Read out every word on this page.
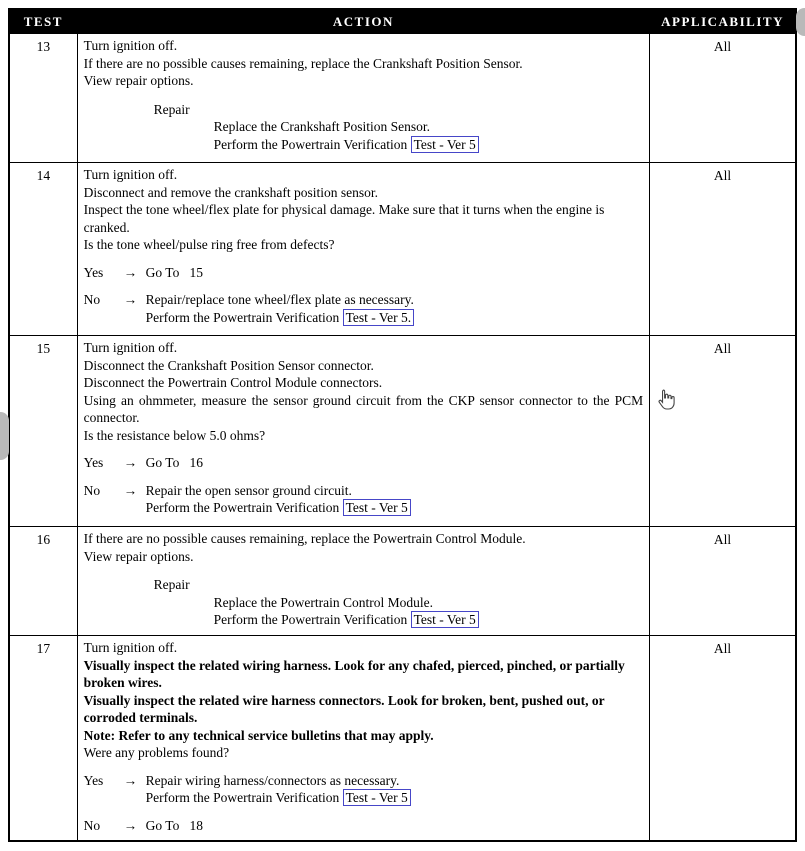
TEST	ACTION	APPLICABILITY
13	Turn ignition off.
If there are no possible causes remaining, replace the Crankshaft Position Sensor.
View repair options.
Repair
Replace the Crankshaft Position Sensor.
Perform the Powertrain Verification Test - Ver 5
	All
14	Turn ignition off.
Disconnect and remove the crankshaft position sensor.
Inspect the tone wheel/flex plate for physical damage. Make sure that it turns when the engine is cranked.
Is the tone wheel/pulse ring free from defects?
Yes	→ Go To   15
No	→ Repair/replace tone wheel/flex plate as necessary.
Perform the Powertrain Verification Test - Ver 5.
	All
15	Turn ignition off.
Disconnect the Crankshaft Position Sensor connector.
Disconnect the Powertrain Control Module connectors.
Using an ohmmeter, measure the sensor ground circuit from the CKP sensor connector to the PCM connector.
Is the resistance below 5.0 ohms?
Yes	→ Go To   16
No	→ Repair the open sensor ground circuit.
Perform the Powertrain Verification Test - Ver 5
	All
16	If there are no possible causes remaining, replace the Powertrain Control Module.
View repair options.
Repair
Replace the Powertrain Control Module.
Perform the Powertrain Verification Test - Ver 5	All
17	Turn ignition off.
Visually inspect the related wiring harness. Look for any chafed, pierced, pinched, or partially broken wires.
Visually inspect the related wire harness connectors. Look for broken, bent, pushed out, or corroded terminals.
Note: Refer to any technical service bulletins that may apply.
Were any problems found?
Yes	→ Repair wiring harness/connectors as necessary.
Perform the Powertrain Verification Test - Ver 5
No	→ Go To   18
	All
